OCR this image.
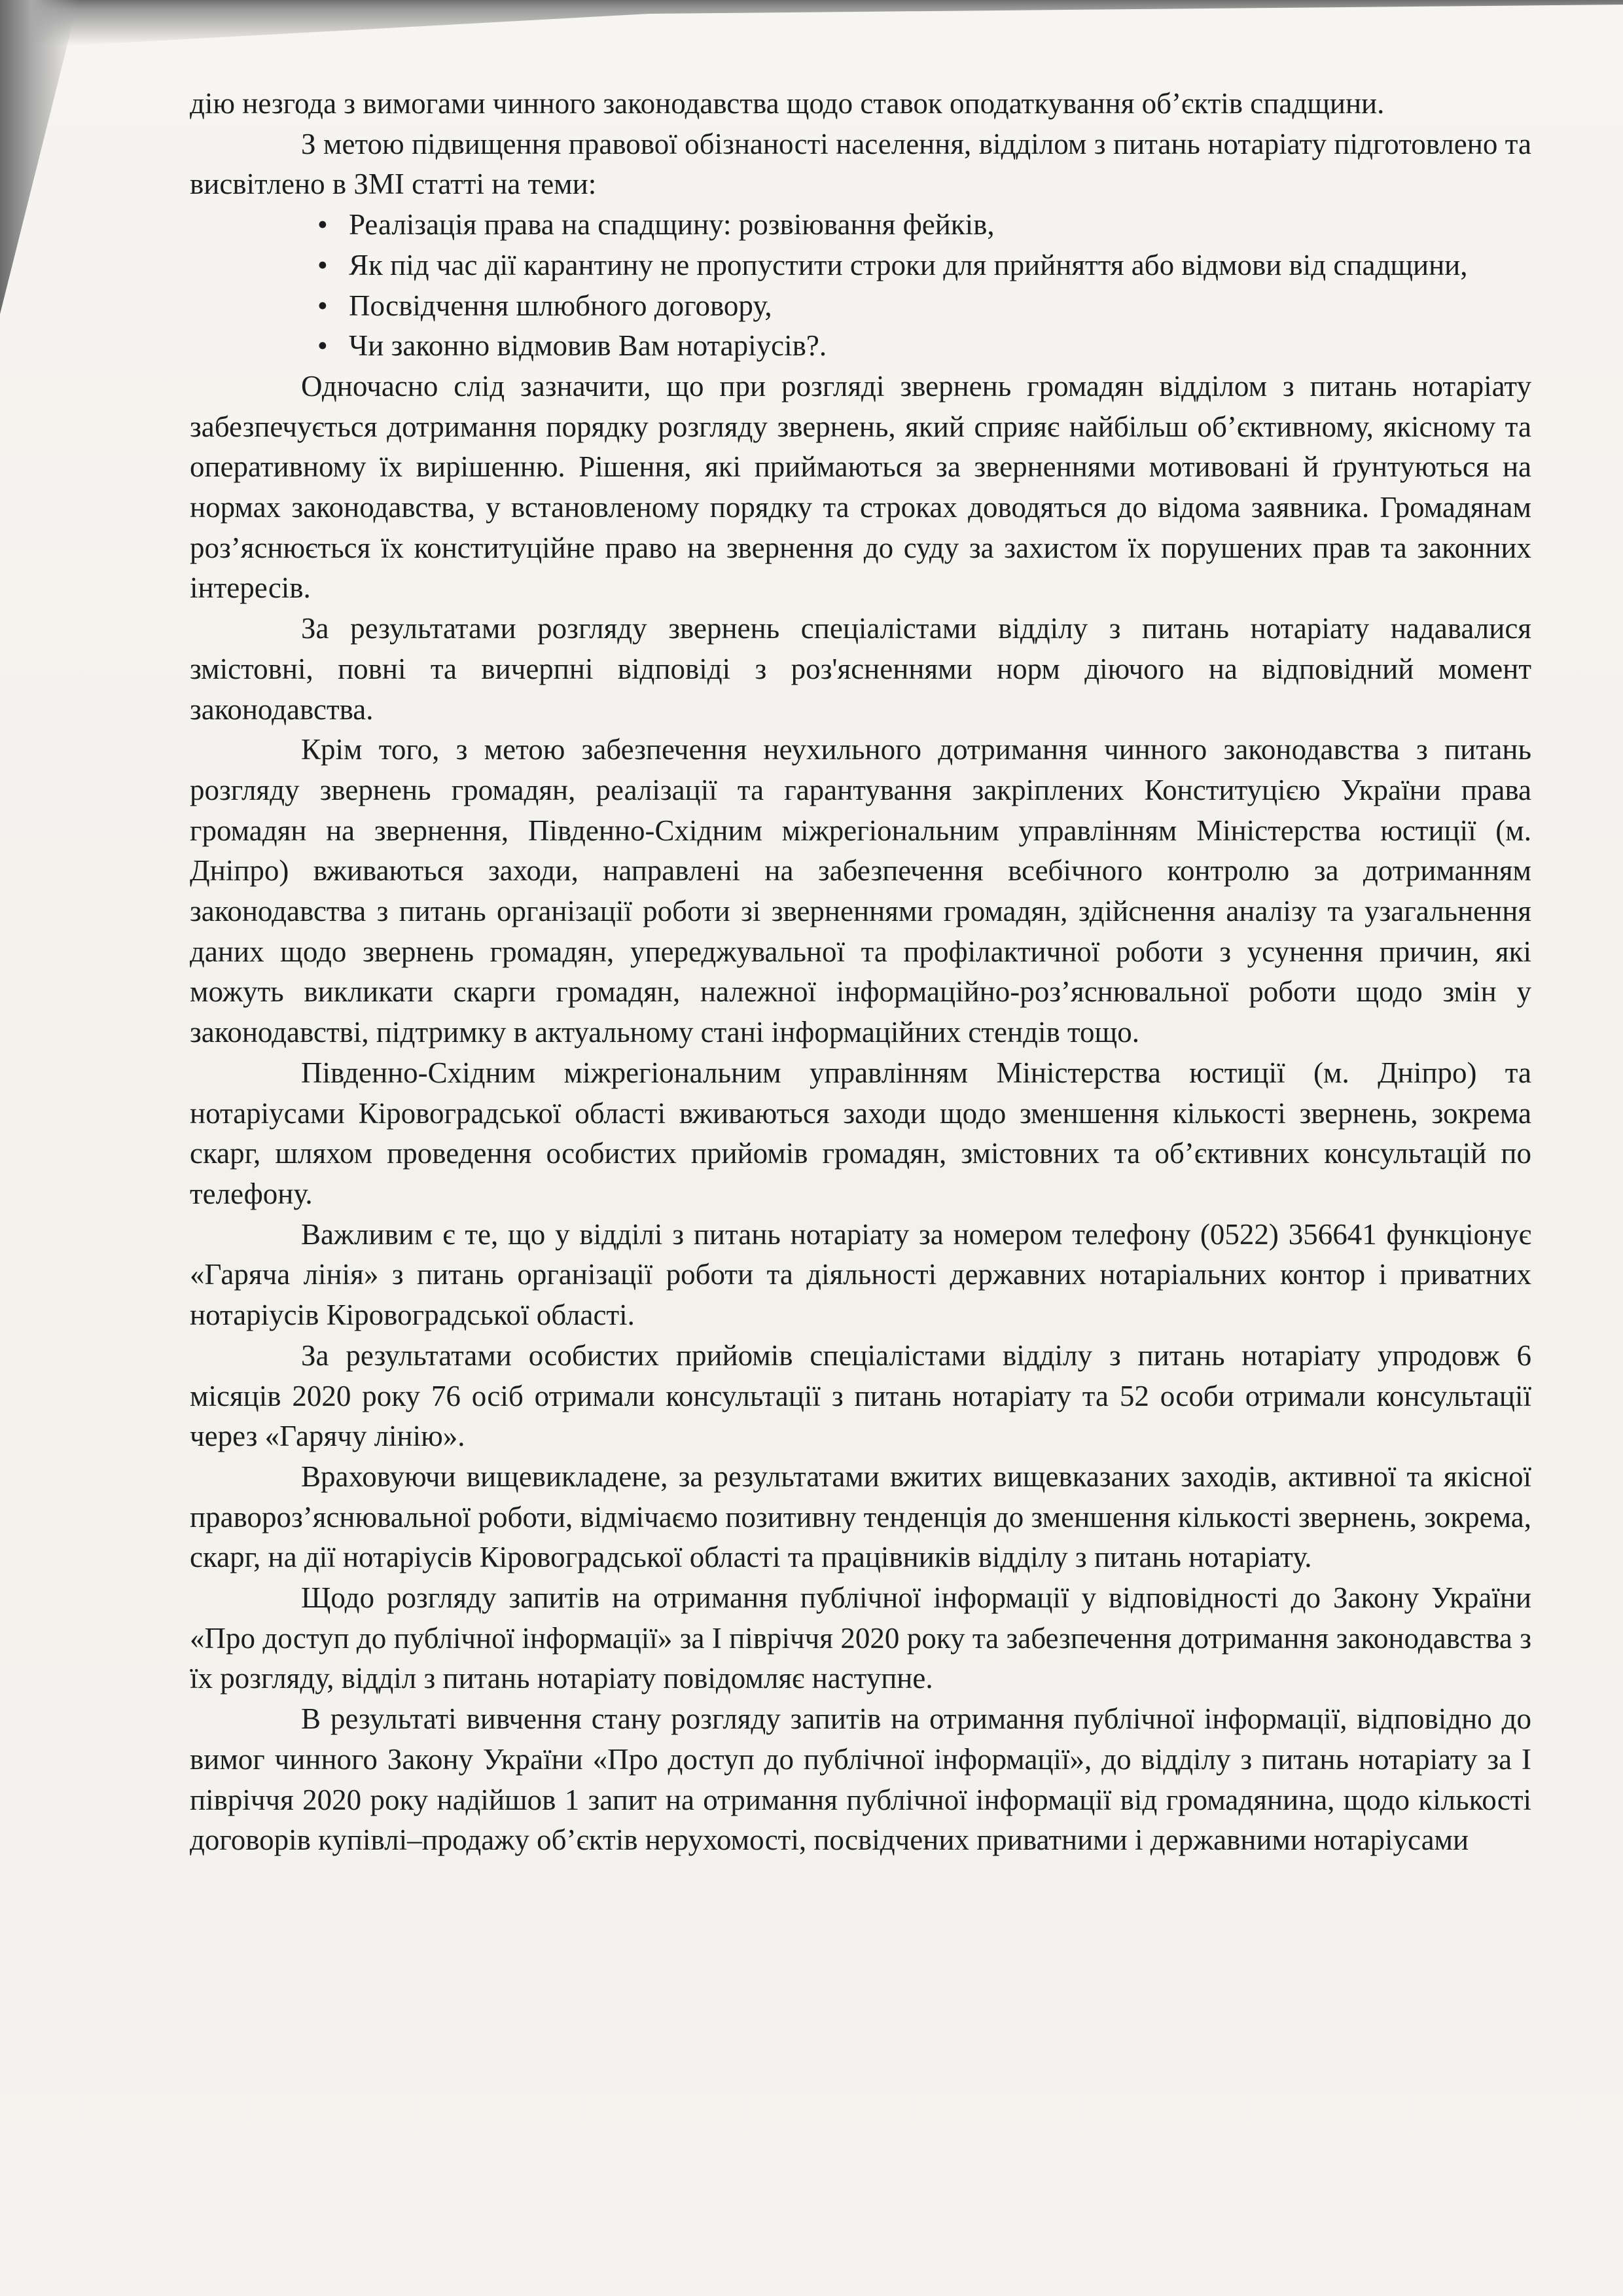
дію незгода з вимогами чинного законодавства щодо ставок оподаткування об’єктів спадщини.

З метою підвищення правової обізнаності населення, відділом з питань нотаріату підготовлено та висвітлено в ЗМІ статті на теми:

• Реалізація права на спадщину: розвіювання фейків,
• Як під час дії карантину не пропустити строки для прийняття або відмови від спадщини,
• Посвідчення шлюбного договору,
• Чи законно відмовив Вам нотаріусів?.

Одночасно слід зазначити, що при розгляді звернень громадян відділом з питань нотаріату забезпечується дотримання порядку розгляду звернень, який сприяє найбільш об’єктивному, якісному та оперативному їх вирішенню. Рішення, які приймаються за зверненнями мотивовані й ґрунтуються на нормах законодавства, у встановленому порядку та строках доводяться до відома заявника. Громадянам роз’яснюється їх конституційне право на звернення до суду за захистом їх порушених прав та законних інтересів.

За результатами розгляду звернень спеціалістами відділу з питань нотаріату надавалися змістовні, повні та вичерпні відповіді з роз'ясненнями норм діючого на відповідний момент законодавства.

Крім того, з метою забезпечення неухильного дотримання чинного законодавства з питань розгляду звернень громадян, реалізації та гарантування закріплених Конституцією України права громадян на звернення, Південно-Східним міжрегіональним управлінням Міністерства юстиції (м. Дніпро) вживаються заходи, направлені на забезпечення всебічного контролю за дотриманням законодавства з питань організації роботи зі зверненнями громадян, здійснення аналізу та узагальнення даних щодо звернень громадян, упереджувальної та профілактичної роботи з усунення причин, які можуть викликати скарги громадян, належної інформаційно-роз’яснювальної роботи щодо змін у законодавстві, підтримку в актуальному стані інформаційних стендів тощо.

Південно-Східним міжрегіональним управлінням Міністерства юстиції (м. Дніпро) та нотаріусами Кіровоградської області вживаються заходи щодо зменшення кількості звернень, зокрема скарг, шляхом проведення особистих прийомів громадян, змістовних та об’єктивних консультацій по телефону.

Важливим є те, що у відділі з питань нотаріату за номером телефону (0522) 356641 функціонує «Гаряча лінія» з питань організації роботи та діяльності державних нотаріальних контор і приватних нотаріусів Кіровоградської області.

За результатами особистих прийомів спеціалістами відділу з питань нотаріату упродовж 6 місяців 2020 року 76 осіб отримали консультації з питань нотаріату та 52 особи отримали консультації через «Гарячу лінію».

Враховуючи вищевикладене, за результатами вжитих вищевказаних заходів, активної та якісної правороз’яснювальної роботи, відмічаємо позитивну тенденція до зменшення кількості звернень, зокрема, скарг, на дії нотаріусів Кіровоградської області та працівників відділу з питань нотаріату.

Щодо розгляду запитів на отримання публічної інформації у відповідності до Закону України «Про доступ до публічної інформації» за І півріччя 2020 року та забезпечення дотримання законодавства з їх розгляду, відділ з питань нотаріату повідомляє наступне.

В результаті вивчення стану розгляду запитів на отримання публічної інформації, відповідно до вимог чинного Закону України «Про доступ до публічної інформації», до відділу з питань нотаріату за І півріччя 2020 року надійшов 1 запит на отримання публічної інформації від громадянина, щодо кількості договорів купівлі–продажу об’єктів нерухомості, посвідчених приватними і державними нотаріусами
